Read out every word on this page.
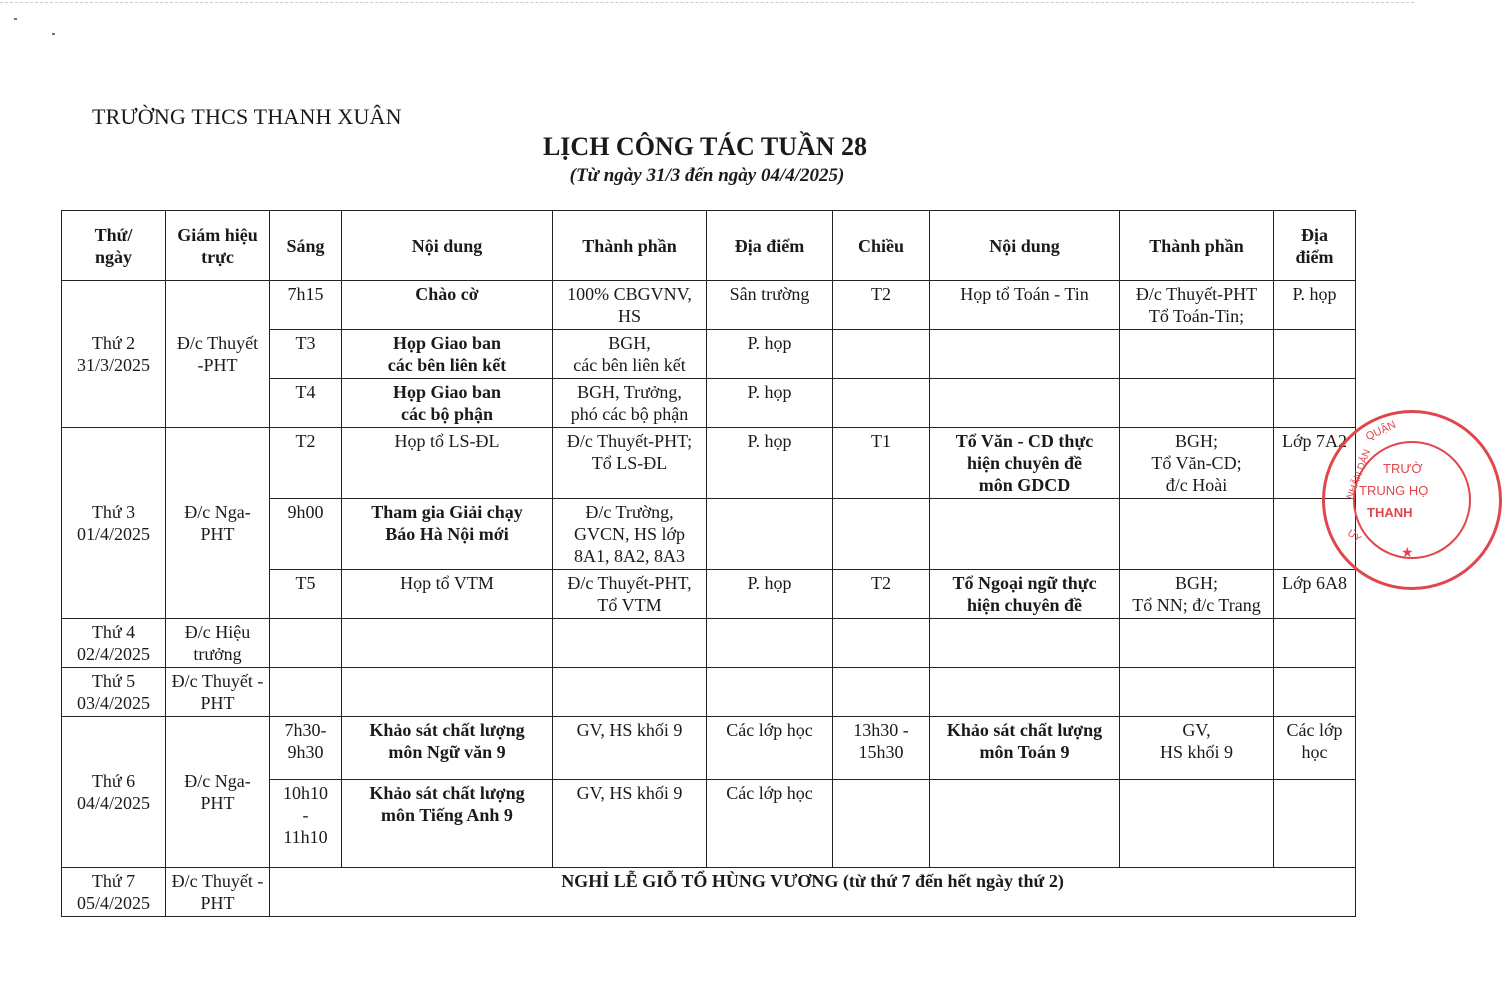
TRƯỜNG THCS THANH XUÂN
LỊCH CÔNG TÁC TUẦN 28
(Từ ngày 31/3 đến ngày 04/4/2025)
Thứ/
ngày	Giám hiệu
trực	Sáng	Nội dung	Thành phần	Địa điểm	Chiều	Nội dung	Thành phần	Địa
điểm
Thứ 2
31/3/2025	Đ/c Thuyết
-PHT	7h15	Chào cờ	100% CBGVNV,
HS	Sân trường	T2	Họp tổ Toán - Tin	Đ/c Thuyết-PHT
Tổ Toán-Tin;	P. họp
		T3	Họp Giao ban
các bên liên kết	BGH,
các bên liên kết	P. họp				
		T4	Họp Giao ban
các bộ phận	BGH, Trưởng,
phó các bộ phận	P. họp				
Thứ 3
01/4/2025	Đ/c Nga-
PHT	T2	Họp tổ LS-ĐL	Đ/c Thuyết-PHT;
Tổ LS-ĐL	P. họp	T1	Tổ Văn - CD thực
hiện chuyên đề
môn GDCD	BGH;
Tổ Văn-CD;
đ/c Hoài	Lớp 7A2
		9h00	Tham gia Giải chạy
Báo Hà Nội mới	Đ/c Trường,
GVCN, HS lớp
8A1, 8A2, 8A3					
		T5	Họp tổ VTM	Đ/c Thuyết-PHT,
Tổ VTM	P. họp	T2	Tổ Ngoại ngữ thực
hiện chuyên đề	BGH;
Tổ NN; đ/c Trang	Lớp 6A8
Thứ 4
02/4/2025	Đ/c Hiệu
trưởng								
Thứ 5
03/4/2025	Đ/c Thuyết -
PHT								
Thứ 6
04/4/2025	Đ/c Nga-
PHT	7h30-
9h30	Khảo sát chất lượng
môn Ngữ văn 9	GV, HS khối 9	Các lớp học	13h30 -
15h30	Khảo sát chất lượng
môn Toán 9	GV,
HS khối 9	Các lớp
học
		10h10
-
11h10	Khảo sát chất lượng
môn Tiếng Anh 9	GV, HS khối 9	Các lớp học				
Thứ 7
05/4/2025	Đ/c Thuyết -
PHT	NGHỈ LỄ GIỖ TỔ HÙNG VƯƠNG (từ thứ 7 đến hết ngày thứ 2)							
QUẬN
NHÂN DÂN
ỦY
TRƯỜ
TRUNG HỌ
THANH
★
